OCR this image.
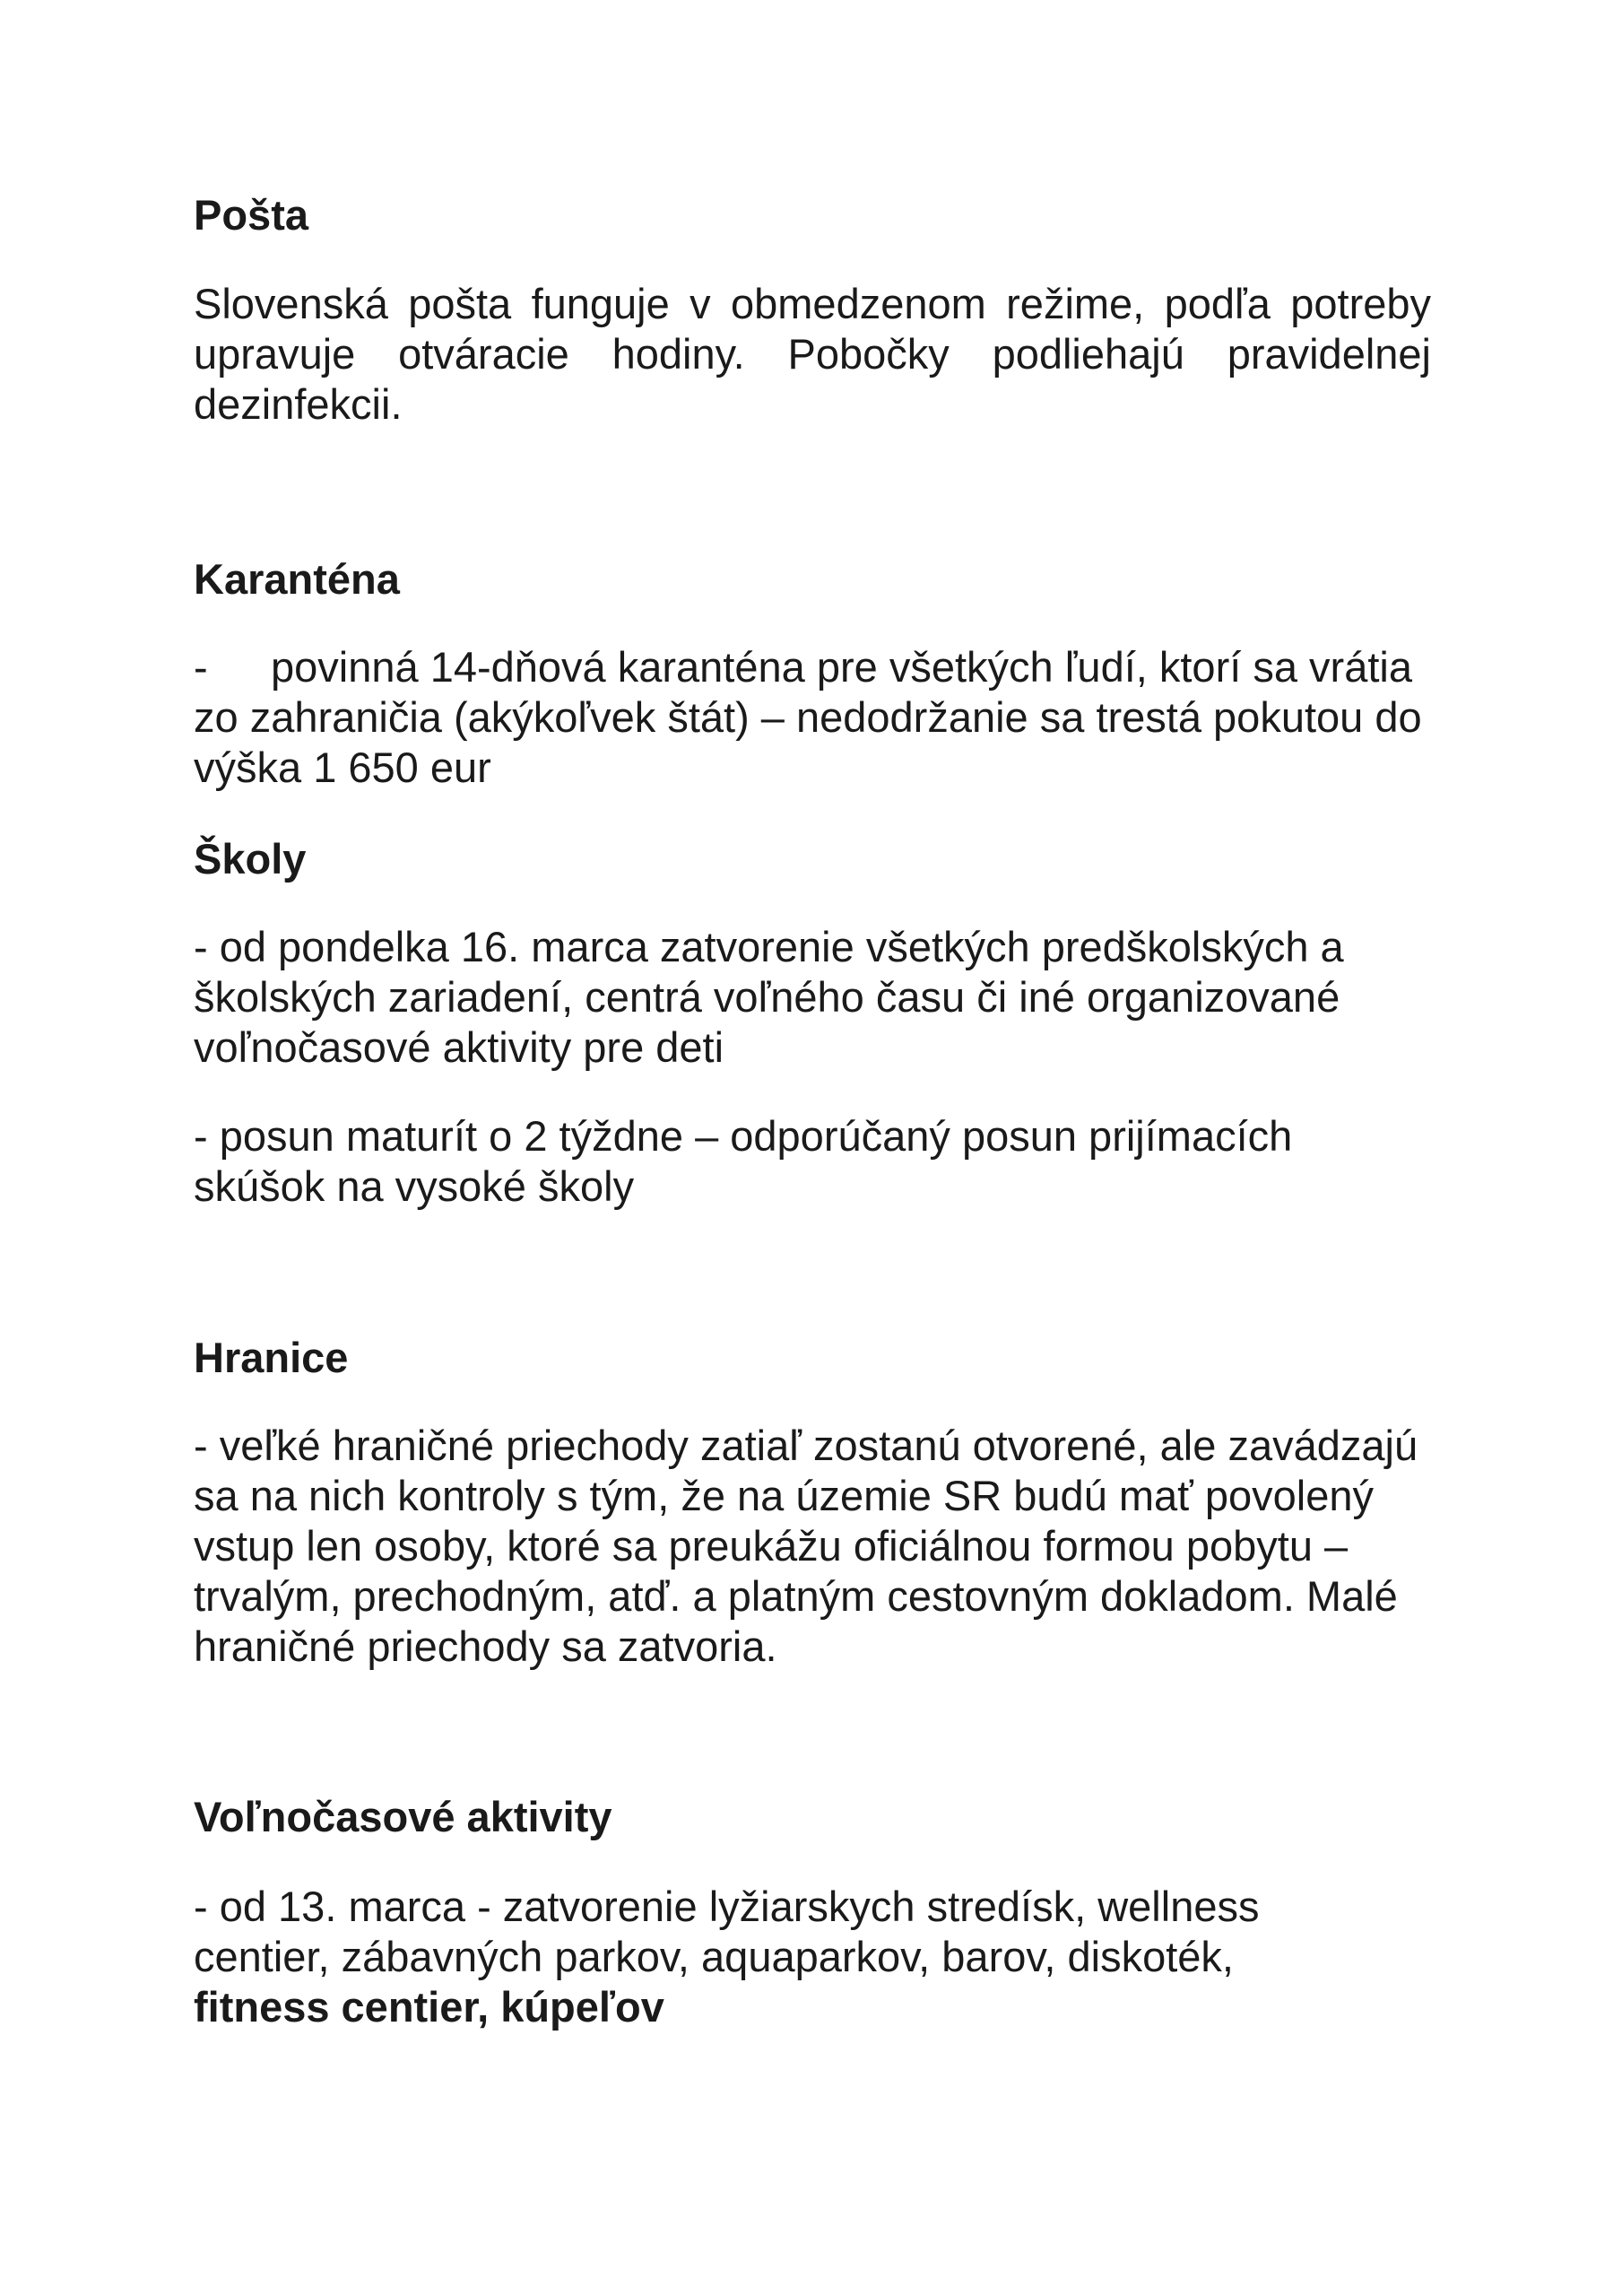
Pošta

Slovenská pošta funguje v obmedzenom režime, podľa potreby upravuje otváracie hodiny. Pobočky podliehajú pravidelnej dezinfekcii.

Karanténa

- povinná 14-dňová karanténa pre všetkých ľudí, ktorí sa vrátia zo zahraničia (akýkoľvek štát) – nedodržanie sa trestá pokutou do výška 1 650 eur

Školy

- od pondelka 16. marca zatvorenie všetkých predškolských a školských zariadení, centrá voľného času či iné organizované voľnočasové aktivity pre deti

- posun maturít o 2 týždne – odporúčaný posun prijímacích skúšok na vysoké školy

Hranice

- veľké hraničné priechody zatiaľ zostanú otvorené, ale zavádzajú sa na nich kontroly s tým, že na územie SR budú mať povolený vstup len osoby, ktoré sa preukážu oficiálnou formou pobytu – trvalým, prechodným, atď. a platným cestovným dokladom. Malé hraničné priechody sa zatvoria.

Voľnočasové aktivity

- od 13. marca - zatvorenie lyžiarskych stredísk, wellness centier, zábavných parkov, aquaparkov, barov, diskoték, fitness centier, kúpeľov
